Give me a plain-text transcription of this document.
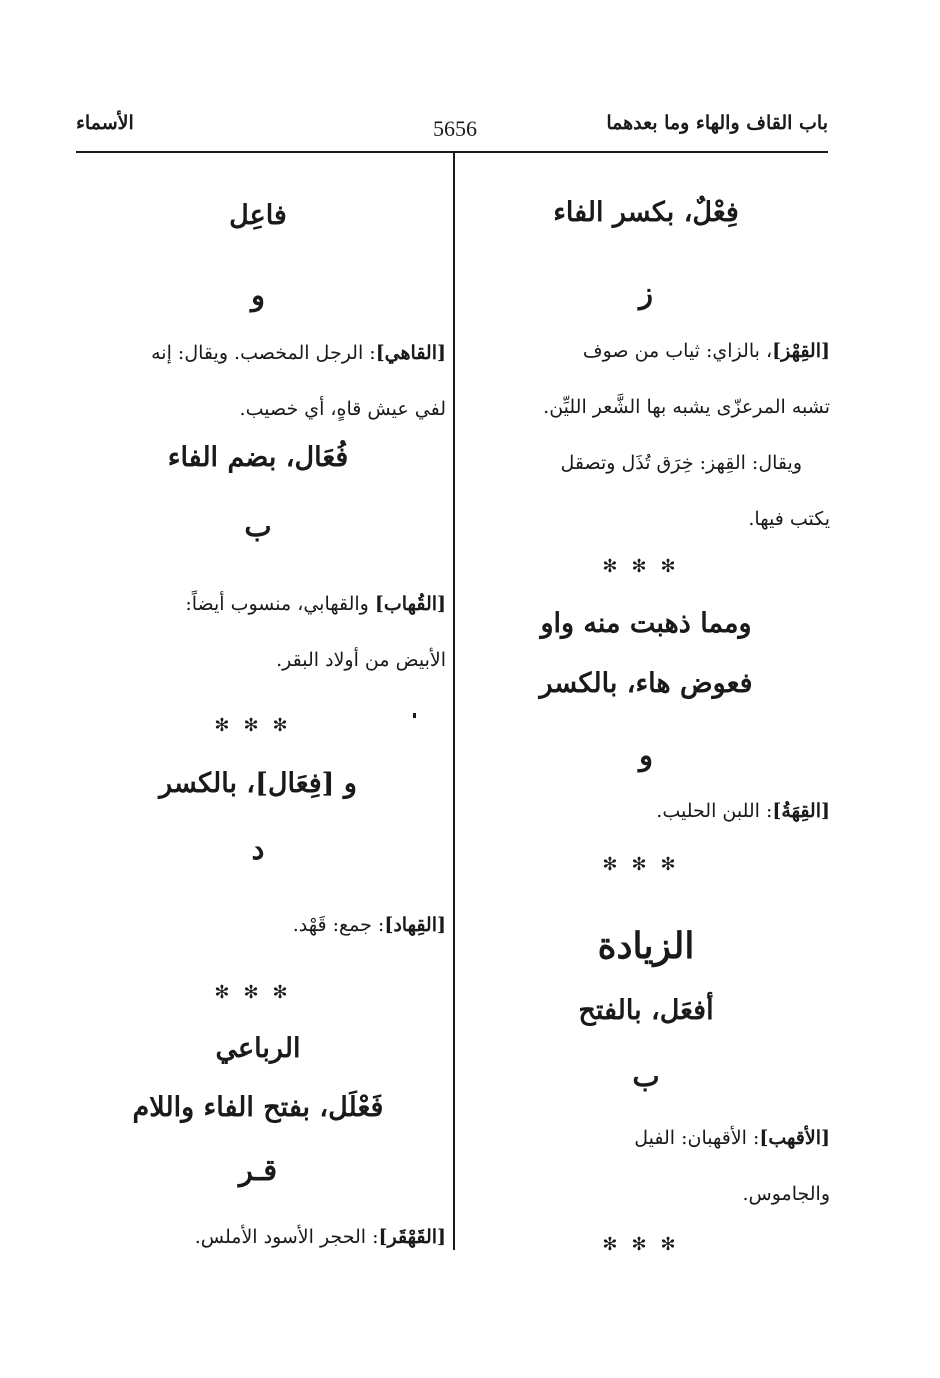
باب القاف والهاء وما بعدهما
5656
الأسماء
فِعْلٌ، بكسر الفاء
ز
[القِهْز]، بالزاي: ثياب من صوف
تشبه المرعزّى يشبه بها الشَّعر الليِّن.
ويقال: القِهز: خِرَق تُذَل وتصقل
يكتب فيها.
✻✻✻
ومما ذهبت منه واو
فعوض هاء، بالكسر
و
[القِهَةُ]: اللبن الحليب.
✻✻✻
الزيادة
أفعَل، بالفتح
ب
[الأقهب]: الأقهبان: الفيل
والجاموس.
✻✻✻
فاعِل
و
[القاهي]: الرجل المخصب. ويقال: إنه
لفي عيش قاهٍ، أي خصيب.
فُعَال، بضم الفاء
ب
[القُهاب] والقهابي، منسوب أيضاً:
الأبيض من أولاد البقر.
✻✻✻
و [فِعَال]، بالكسر
د
[القِهاد]: جمع: قَهْد.
✻✻✻
الرباعي
فَعْلَل، بفتح الفاء واللام
قـر
[القَهْقَر]: الحجر الأسود الأملس.
